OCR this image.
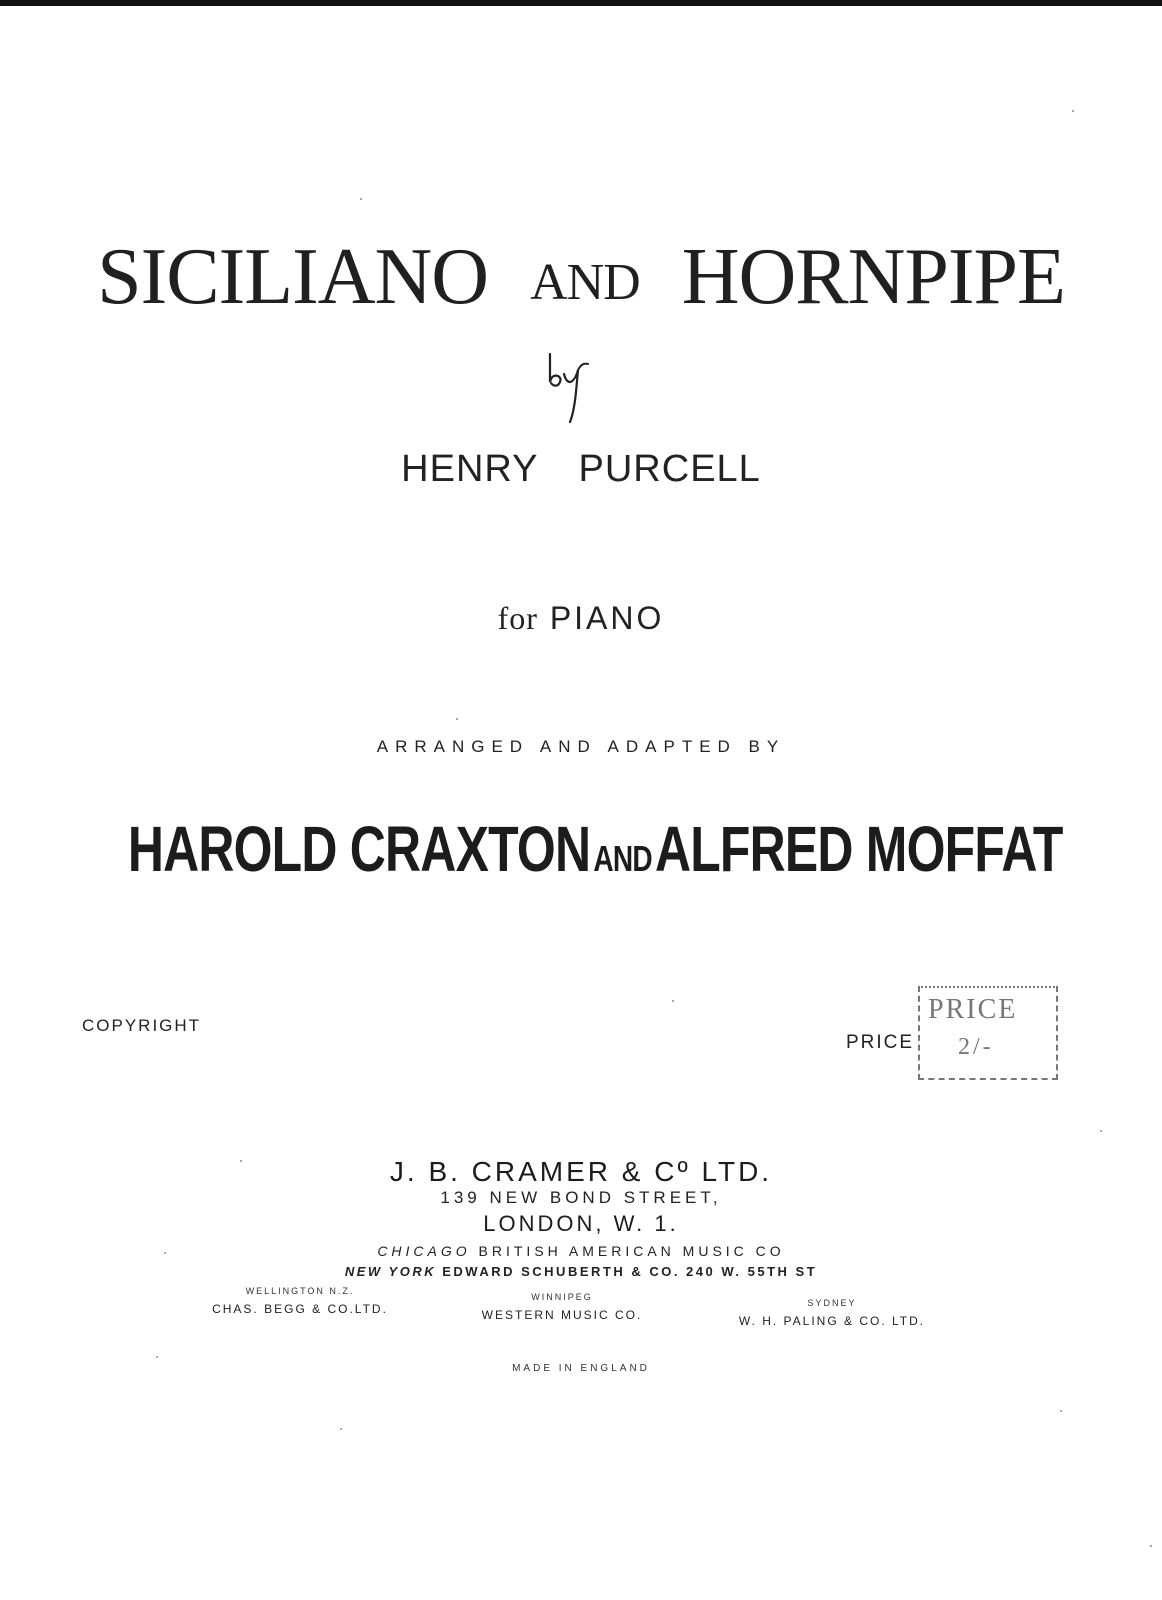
SICILIANO AND HORNPIPE
HENRY PURCELL
for PIANO
ARRANGED AND ADAPTED BY
HAROLD CRAXTONANDALFRED MOFFAT
COPYRIGHT
PRICE
PRICE
2/-
J. B. CRAMER & Cº LTD.
139 NEW BOND STREET,
LONDON, W. 1.
CHICAGO BRITISH AMERICAN MUSIC CO
NEW YORK EDWARD SCHUBERTH & CO. 240 W. 55TH ST
WELLINGTON N.Z.
CHAS. BEGG & CO.LTD.
WINNIPEG
WESTERN MUSIC CO.
SYDNEY
W. H. PALING & CO. LTD.
MADE IN ENGLAND
